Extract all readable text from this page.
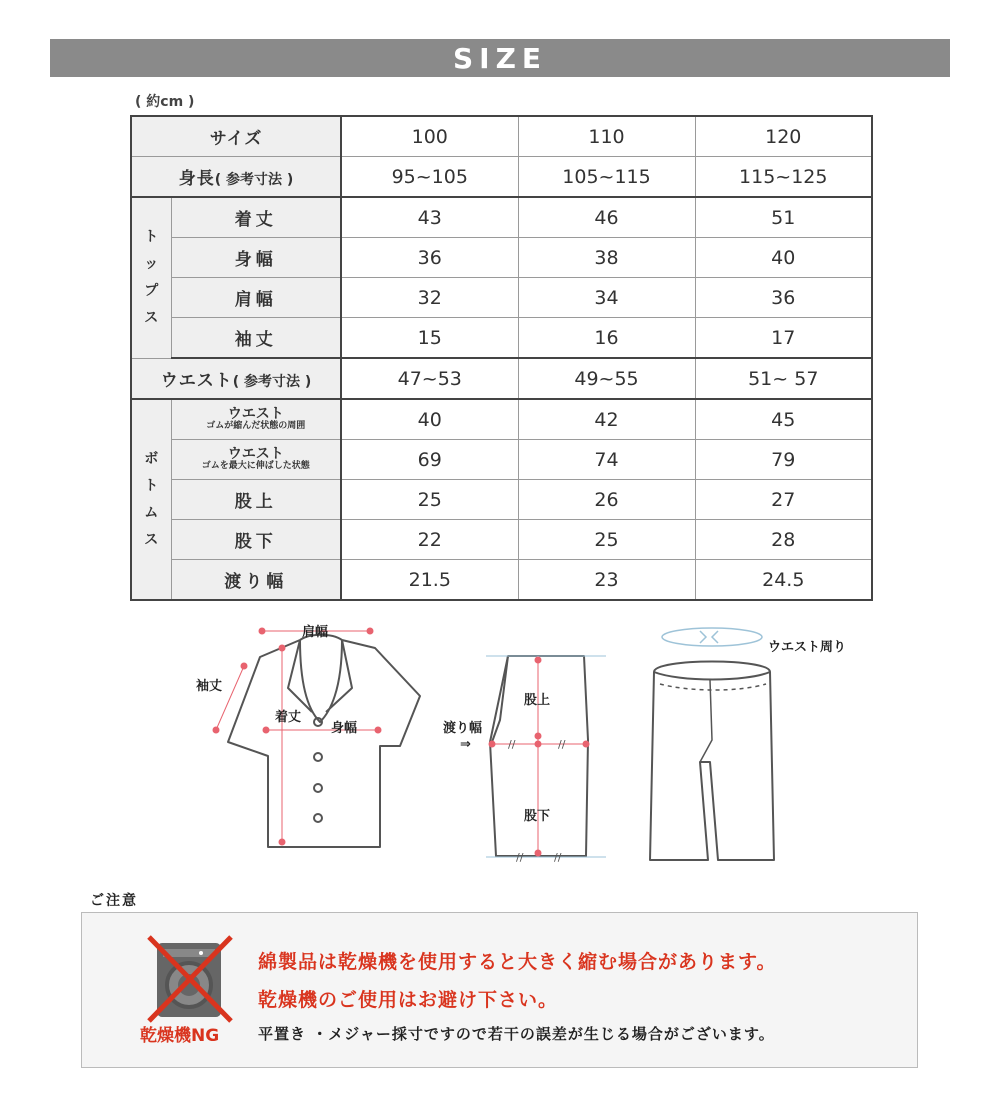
SIZE
( 約cm )
サイズ		100	110	120
身長( 参考寸法 )		95~105	105~115	115~125
ト
ッ
プ
ス	着丈	43	46	51
	身幅	36	38	40
	肩幅	32	34	36
	袖丈	15	16	17
ウエスト( 参考寸法 )		47~53	49~55	51~ 57
ボ
ト
ム
ス	ウエスト
ゴムが縮んだ状態の周囲	40	42	45

	ウエスト
ゴムを最大に伸ばした状態	69	74	79
	股上	25	26	27
	股下	22	25	28
	渡り幅	21.5	23	24.5
肩幅
袖丈
着丈
身幅
//	//
//	//
股上
渡り幅
⇒
股下
ウエスト周り
ご注意
乾燥機NG
綿製品は乾燥機を使用すると大きく縮む場合があります。
乾燥機のご使用はお避け下さい。
平置き ・メジャー採寸ですので若干の誤差が生じる場合がございます。
